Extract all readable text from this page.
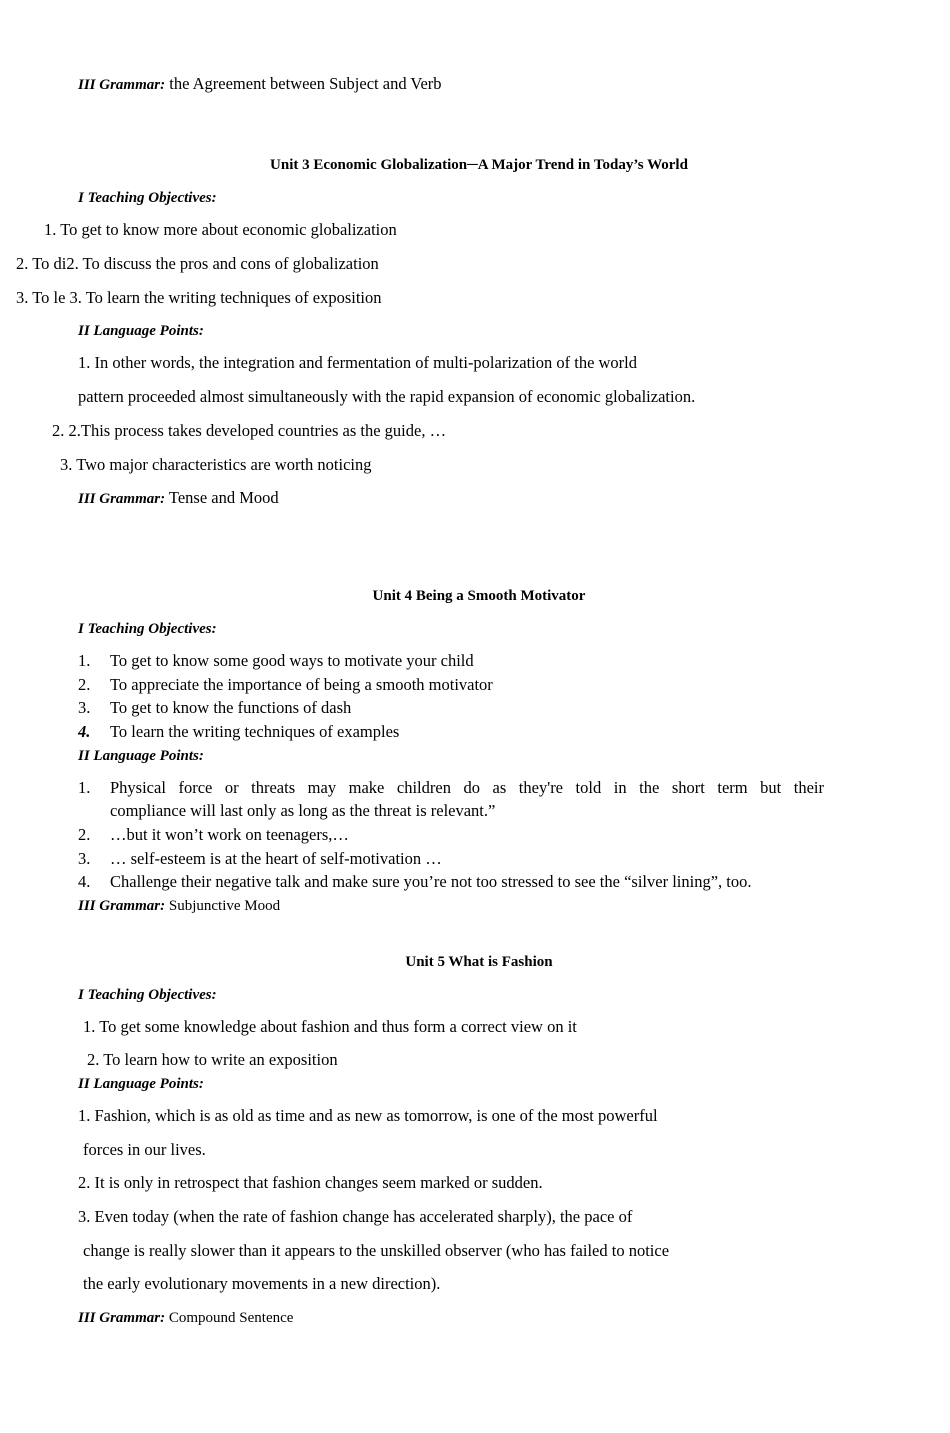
III Grammar: the Agreement between Subject and Verb
Unit 3 Economic Globalization─A Major Trend in Today’s World
I Teaching Objectives:
1. To get to know more about economic globalization
2. To di2. To discuss the pros and cons of globalization
3. To le 3. To learn the writing techniques of exposition
II Language Points:
1. In other words, the integration and fermentation of multi-polarization of the world
pattern proceeded almost simultaneously with the rapid expansion of economic globalization.
2. 2.This process takes developed countries as the guide, …
3. Two major characteristics are worth noticing
III Grammar: Tense and Mood
Unit 4 Being a Smooth Motivator
I Teaching Objectives:
1. To get to know some good ways to motivate your child
2. To appreciate the importance of being a smooth motivator
3. To get to know the functions of dash
4. To learn the writing techniques of examples
II Language Points:
1.	Physical force or threats may make children do as they're told in the short term but their
compliance will last only as long as the threat is relevant.”
2. …but it won’t work on teenagers,…
3. … self-esteem is at the heart of self-motivation …
4. Challenge their negative talk and make sure you’re not too stressed to see the “silver lining”, too.
III Grammar: Subjunctive Mood
Unit 5 What is Fashion
I Teaching Objectives:
1. To get some knowledge about fashion and thus form a correct view on it
2. To learn how to write an exposition
II Language Points:
1. Fashion, which is as old as time and as new as tomorrow, is one of the most powerful
forces in our lives.
2. It is only in retrospect that fashion changes seem marked or sudden.
3. Even today (when the rate of fashion change has accelerated sharply), the pace of
change is really slower than it appears to the unskilled observer (who has failed to notice
the early evolutionary movements in a new direction).
III Grammar: Compound Sentence
